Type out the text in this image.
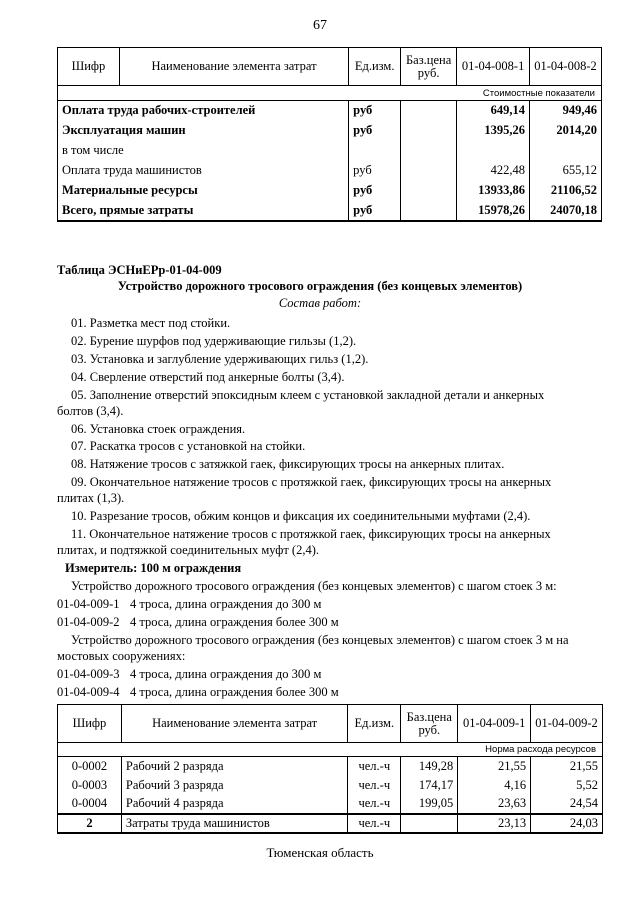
67
Шифр	Наименование элемента затрат	Ед.изм.	Баз.цена руб.	01-04-008-1	01-04-008-2
Стоимостные показатели					
Оплата труда рабочих-строителей		руб		649,14	949,46
Эксплуатация машин		руб		1395,26	2014,20
в том числе					
Оплата труда машинистов		руб		422,48	655,12
Материальные ресурсы		руб		13933,86	21106,52
Всего, прямые затраты		руб		15978,26	24070,18
Таблица ЭСНиЕРр-01-04-009
Устройство дорожного тросового ограждения (без концевых элементов)
Состав работ:
01. Разметка мест под стойки.
02. Бурение шурфов под удерживающие гильзы (1,2).
03. Установка и заглубление удерживающих гильз (1,2).
04. Сверление отверстий под анкерные болты (3,4).
05. Заполнение отверстий эпоксидным клеем с установкой закладной детали и анкерных
болтов (3,4).
06. Установка стоек ограждения.
07. Раскатка тросов с установкой на стойки.
08. Натяжение тросов с затяжкой гаек, фиксирующих тросы на анкерных плитах.
09. Окончательное натяжение тросов с протяжкой гаек, фиксирующих тросы на анкерных
плитах (1,3).
10. Разрезание тросов, обжим концов и фиксация их соединительными муфтами (2,4).
11. Окончательное натяжение тросов с протяжкой гаек, фиксирующих тросы на анкерных
плитах, и подтяжкой соединительных муфт (2,4).
Измеритель: 100 м ограждения
Устройство дорожного тросового ограждения (без концевых элементов) с шагом стоек 3 м:
01-04-009-1 4 троса, длина ограждения до 300 м
01-04-009-2 4 троса, длина ограждения более 300 м
Устройство дорожного тросового ограждения (без концевых элементов) с шагом стоек 3 м на
мостовых сооружениях:
01-04-009-3 4 троса, длина ограждения до 300 м
01-04-009-4 4 троса, длина ограждения более 300 м
Шифр	Наименование элемента затрат	Ед.изм.	Баз.цена руб.	01-04-009-1	01-04-009-2
Норма расхода ресурсов					
0-0002	Рабочий 2 разряда	чел.-ч	149,28	21,55	21,55
0-0003	Рабочий 3 разряда	чел.-ч	174,17	4,16	5,52
0-0004	Рабочий 4 разряда	чел.-ч	199,05	23,63	24,54
2	Затраты труда машинистов	чел.-ч		23,13	24,03
Тюменская область
